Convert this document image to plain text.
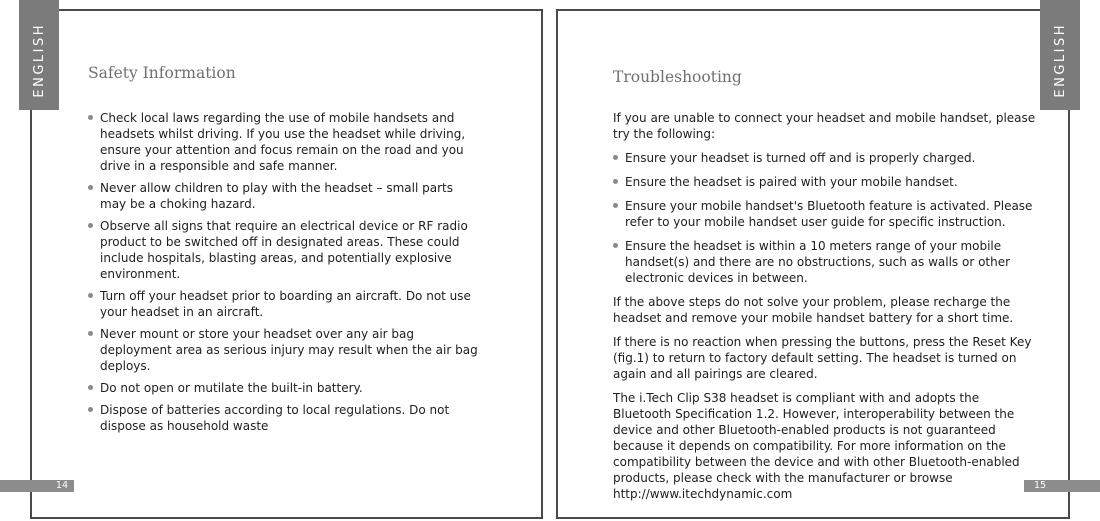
ENGLISH	ENGLISH
Safety Information
Check local laws regarding the use of mobile handsets and headsets whilst driving. If you use the headset while driving, ensure your attention and focus remain on the road and you drive in a responsible and safe manner.
Never allow children to play with the headset – small parts may be a choking hazard.
Observe all signs that require an electrical device or RF radio product to be switched off in designated areas. These could include hospitals, blasting areas, and potentially explosive environment.
Turn off your headset prior to boarding an aircraft. Do not use your headset in an aircraft.
Never mount or store your headset over any air bag deployment area as serious injury may result when the air bag deploys.
Do not open or mutilate the built-in battery.
Dispose of batteries according to local regulations. Do not dispose as household waste
Troubleshooting

If you are unable to connect your headset and mobile handset, please try the following:

Ensure your headset is turned off and is properly charged.
Ensure the headset is paired with your mobile handset.
Ensure your mobile handset's Bluetooth feature is activated. Please refer to your mobile handset user guide for specific instruction.
Ensure the headset is within a 10 meters range of your mobile handset(s) and there are no obstructions, such as walls or other electronic devices in between.

If the above steps do not solve your problem, please recharge the headset and remove your mobile handset battery for a short time.

If there is no reaction when pressing the buttons, press the Reset Key (fig.1) to return to factory default setting. The headset is turned on again and all pairings are cleared.

The i.Tech Clip S38 headset is compliant with and adopts the Bluetooth Specification 1.2. However, interoperability between the device and other Bluetooth-enabled products is not guaranteed because it depends on compatibility. For more information on the compatibility between the device and with other Bluetooth-enabled products, please check with the manufacturer or browse http://www.itechdynamic.com

14	15
